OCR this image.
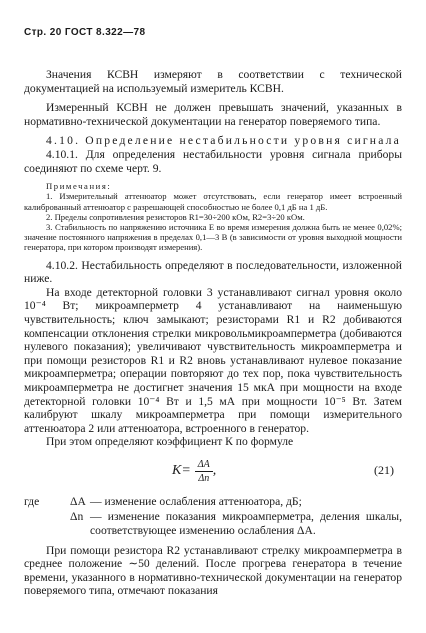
Стр. 20 ГОСТ 8.322—78

Значения КСВН измеряют в соответствии с технической документацией на используемый измеритель КСВН.

Измеренный КСВН не должен превышать значений, указанных в нормативно-технической документации на генератор поверяемого типа.

4.10. Определение нестабильности уровня сигнала

4.10.1. Для определения нестабильности уровня сигнала приборы соединяют по схеме черт. 9.

Примечания:

1. Измерительный аттенюатор может отсутствовать, если генератор имеет встроенный калиброванный аттенюатор с разрешающей способностью не более 0,1 дБ на 1 дБ.

2. Пределы сопротивления резисторов R1=30÷200 кОм, R2=3÷20 кОм.

3. Стабильность по напряжению источника Е во время измерения должна быть не менее 0,02%; значение постоянного напряжения в пределах 0,1—3 В (в зависимости от уровня выходной мощности генератора, при котором производят измерения).

4.10.2. Нестабильность определяют в последовательности, изложенной ниже.

На входе детекторной головки 3 устанавливают сигнал уровня около 10⁻⁴ Вт; микроамперметр 4 устанавливают на наименьшую чувствительность; ключ замыкают; резисторами R1 и R2 добиваются компенсации отклонения стрелки микровольмикроамперметра (добиваются нулевого показания); увеличивают чувствительность микроамперметра и при помощи резисторов R1 и R2 вновь устанавливают нулевое показание микроамперметра; операции повторяют до тех пор, пока чувствительность микроамперметра не достигнет значения 15 мкА при мощности на входе детекторной головки 10⁻⁴ Вт и 1,5 мА при мощности 10⁻⁵ Вт. Затем калибруют шкалу микроамперметра при помощи измерительного аттенюатора 2 или аттенюатора, встроенного в генератор.

При этом определяют коэффициент К по формуле

$K= \frac{\Delta A}{\Delta n}$ ,	(21)
где	ΔA — изменение ослабления аттенюатора, дБ;
Δn — изменение показания микроамперметра, деления шкалы, соответствующее изменению ослабления ΔA.

При помощи резистора R2 устанавливают стрелку микроамперметра в среднее положение ∼50 делений. После прогрева генератора в течение времени, указанного в нормативно-технической документации на генератор поверяемого типа, отмечают показания
